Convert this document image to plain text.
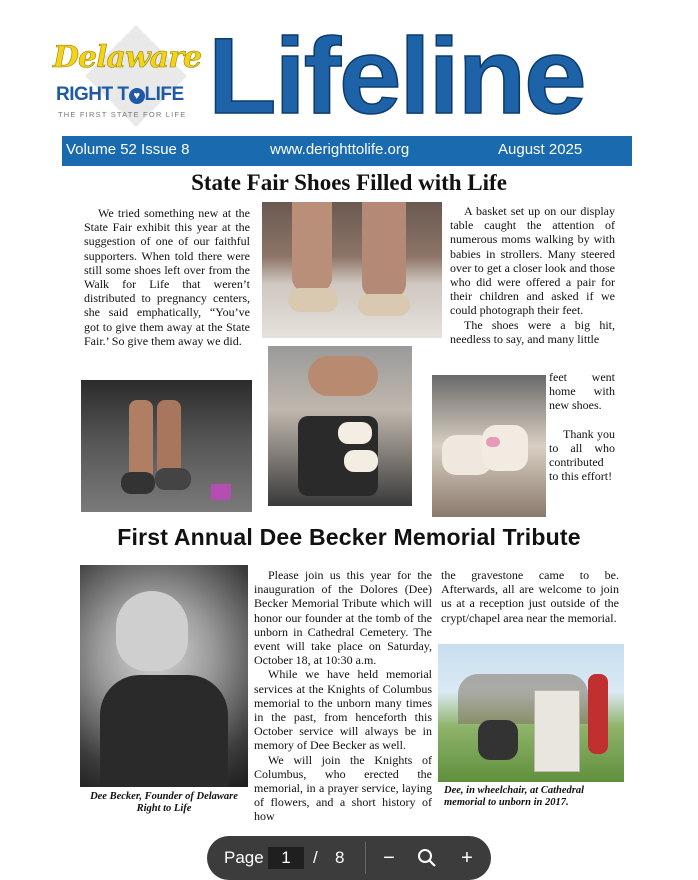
Delaware
RIGHT T ♥ LIFE
THE FIRST STATE FOR LIFE Lifeline
Volume 52 Issue 8	www.derighttolife.org	August 2025
State Fair Shoes Filled with Life

We tried something new at the State Fair exhibit this year at the suggestion of one of our faithful supporters. When told there were still some shoes left over from the Walk for Life that weren’t distributed to pregnancy centers, she said emphatically, “You’ve got to give them away at the State Fair.’ So give them away we did.

A basket set up on our display table caught the attention of numerous moms walking by with babies in strollers. Many steered over to get a closer look and those who did were offered a pair for their children and asked if we could photograph their feet.

The shoes were a big hit, needless to say, and many little

feet went home with new shoes.

Thank you to all who contributed to this effort!

First Annual Dee Becker Memorial Tribute
Dee Becker, Founder of Delaware Right to Life

Please join us this year for the inauguration of the Dolores (Dee) Becker Memorial Tribute which will honor our founder at the tomb of the unborn in Cathedral Cemetery. The event will take place on Saturday, October 18, at 10:30 a.m.

While we have held memorial services at the Knights of Columbus memorial to the unborn many times in the past, from henceforth this October service will always be in memory of Dee Becker as well.

We will join the Knights of Columbus, who erected the memorial, in a prayer service, laying of flowers, and a short history of how

the gravestone came to be. Afterwards, all are welcome to join us at a reception just outside of the crypt/chapel area near the memorial.

Dee, in wheelchair, at Cathedral memorial to unborn in 2017.
Page
1	/ 8	−	+
